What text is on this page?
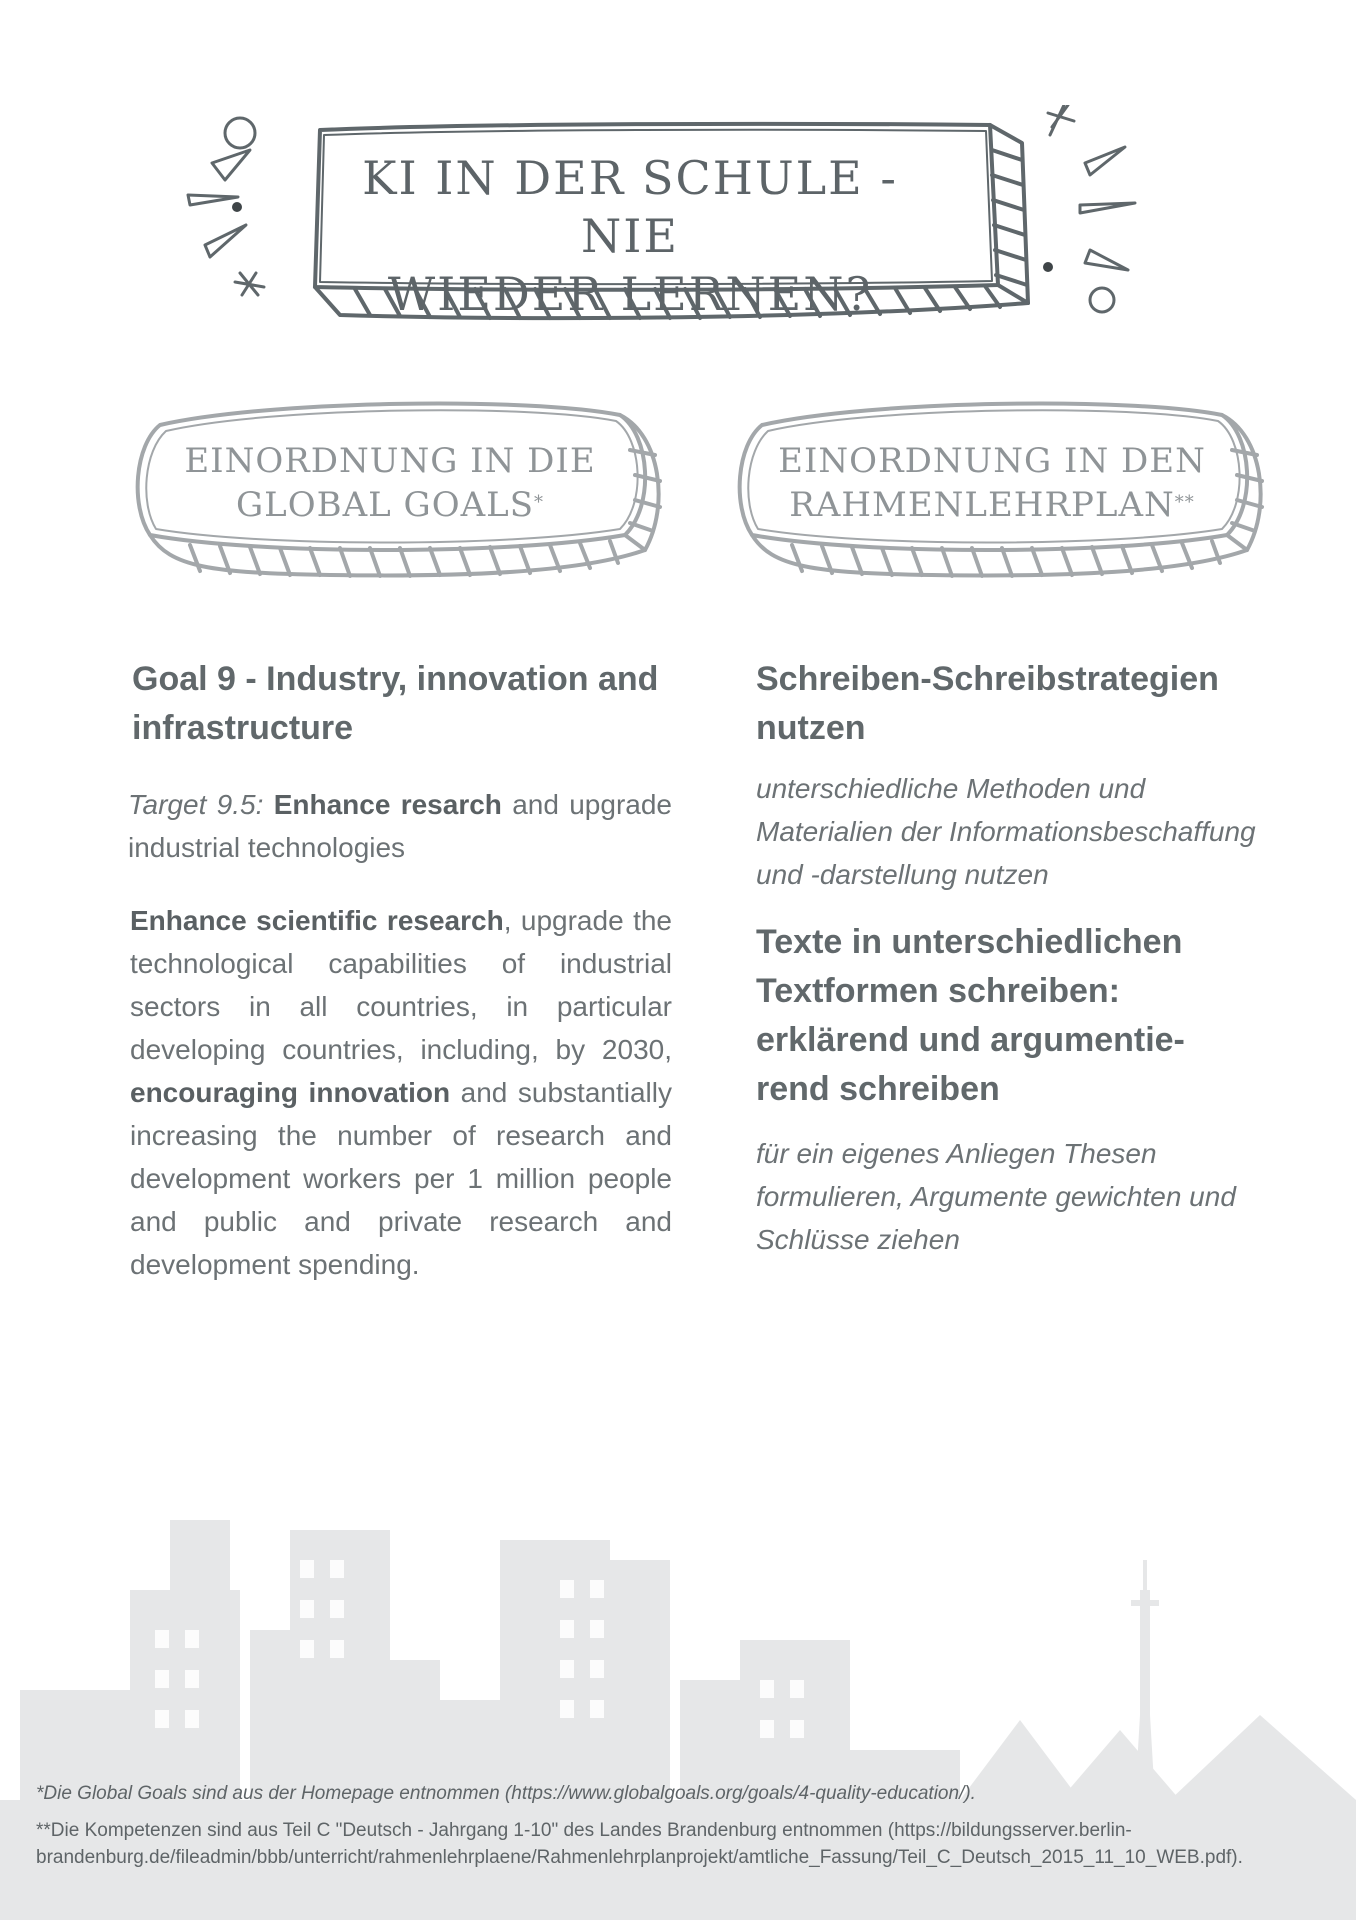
KI IN DER SCHULE - NIE
WIEDER LERNEN?
EINORDNUNG IN DIE
GLOBAL GOALS*
EINORDNUNG IN DEN
RAHMENLEHRPLAN**
Goal 9 - Industry, innovation and infrastructure
Target 9.5: Enhance resarch and upgrade industrial technologies
Enhance scientific research, upgrade the technological capabilities of industrial sectors in all countries, in particular developing countries, including, by 2030, encouraging innovation and substantially increasing the number of research and development workers per 1 million people and public and private research and development spending.
Schreiben-Schreibstrategien nutzen
unterschiedliche Methoden und Materialien der Informationsbeschaffung und -darstellung nutzen
Texte in unterschiedlichen Textformen schreiben: erklärend und argumentie-rend schreiben
für ein eigenes Anliegen Thesen formulieren, Argumente gewichten und Schlüsse ziehen
*Die Global Goals sind aus der Homepage entnommen (https://www.globalgoals.org/goals/4-quality-education/).
**Die Kompetenzen sind aus Teil C "Deutsch - Jahrgang 1-10" des Landes Brandenburg entnommen (https://bildungsserver.berlin-brandenburg.de/fileadmin/bbb/unterricht/rahmenlehrplaene/Rahmenlehrplanprojekt/amtliche_Fassung/Teil_C_Deutsch_2015_11_10_WEB.pdf).
